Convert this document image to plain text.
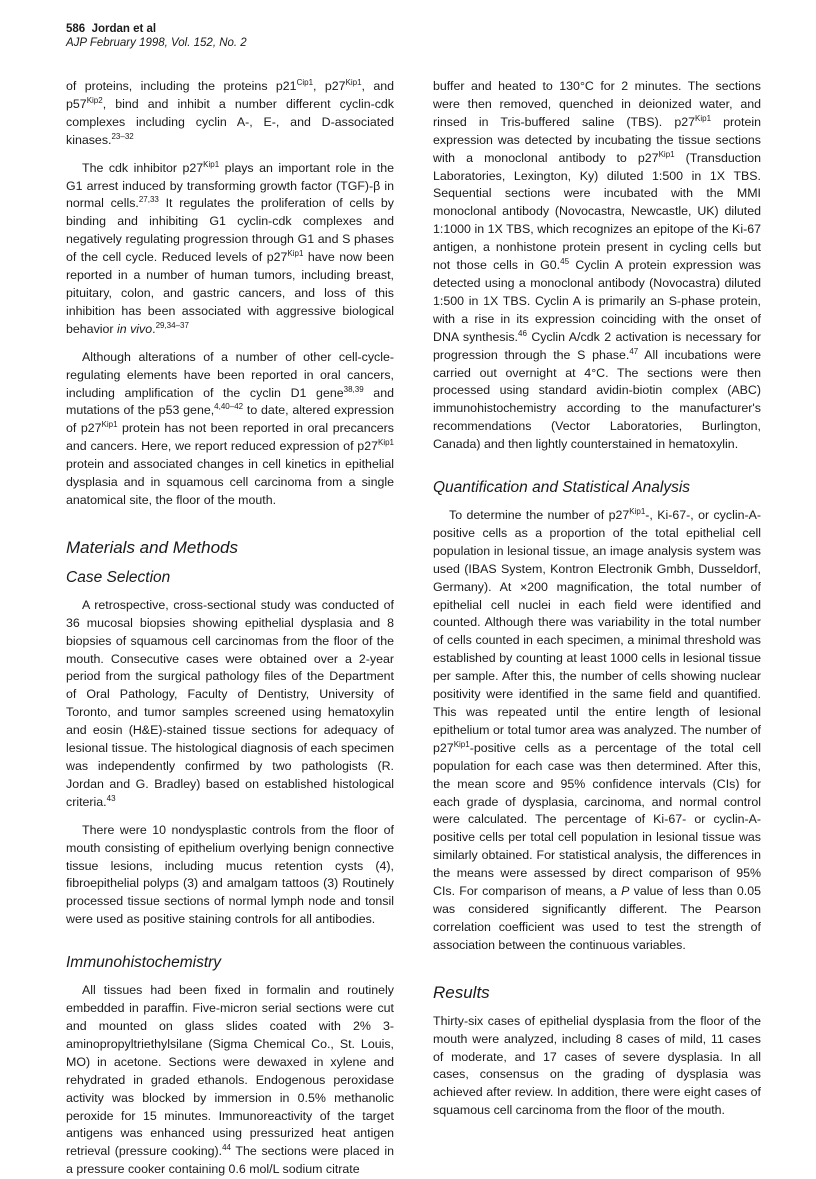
586 Jordan et al
AJP February 1998, Vol. 152, No. 2

of proteins, including the proteins $p21^{Cip1}$, $p27^{Kip1}$, and $p57^{Kip2}$, bind and inhibit a number different cyclin-cdk complexes including cyclin A-, E-, and D-associated kinases.$^{23-32}$

The cdk inhibitor $p27^{Kip1}$ plays an important role in the G1 arrest induced by transforming growth factor (TGF)-β in normal cells.$^{27,33}$ It regulates the proliferation of cells by binding and inhibiting G1 cyclin-cdk complexes and negatively regulating progression through G1 and S phases of the cell cycle. Reduced levels of $p27^{Kip1}$ have now been reported in a number of human tumors, including breast, pituitary, colon, and gastric cancers, and loss of this inhibition has been associated with aggressive biological behavior in vivo.$^{29,34-37}$

Although alterations of a number of other cell-cycle-regulating elements have been reported in oral cancers, including amplification of the cyclin D1 gene$^{38,39}$ and mutations of the p53 gene,$^{4,40-42}$ to date, altered expression of $p27^{Kip1}$ protein has not been reported in oral precancers and cancers. Here, we report reduced expression of $p27^{Kip1}$ protein and associated changes in cell kinetics in epithelial dysplasia and in squamous cell carcinoma from a single anatomical site, the floor of the mouth.

Materials and Methods
Case Selection

A retrospective, cross-sectional study was conducted of 36 mucosal biopsies showing epithelial dysplasia and 8 biopsies of squamous cell carcinomas from the floor of the mouth. Consecutive cases were obtained over a 2-year period from the surgical pathology files of the Department of Oral Pathology, Faculty of Dentistry, University of Toronto, and tumor samples screened using hematoxylin and eosin (H&E)-stained tissue sections for adequacy of lesional tissue. The histological diagnosis of each specimen was independently confirmed by two pathologists (R. Jordan and G. Bradley) based on established histological criteria.$^{43}$

There were 10 nondysplastic controls from the floor of mouth consisting of epithelium overlying benign connective tissue lesions, including mucus retention cysts (4), fibroepithelial polyps (3) and amalgam tattoos (3) Routinely processed tissue sections of normal lymph node and tonsil were used as positive staining controls for all antibodies.

Immunohistochemistry

All tissues had been fixed in formalin and routinely embedded in paraffin. Five-micron serial sections were cut and mounted on glass slides coated with 2% 3-aminopropyltriethylsilane (Sigma Chemical Co., St. Louis, MO) in acetone. Sections were dewaxed in xylene and rehydrated in graded ethanols. Endogenous peroxidase activity was blocked by immersion in 0.5% methanolic peroxide for 15 minutes. Immunoreactivity of the target antigens was enhanced using pressurized heat antigen retrieval (pressure cooking).$^{44}$ The sections were placed in a pressure cooker containing 0.6 mol/L sodium citrate

buffer and heated to 130°C for 2 minutes. The sections were then removed, quenched in deionized water, and rinsed in Tris-buffered saline (TBS). $p27^{Kip1}$ protein expression was detected by incubating the tissue sections with a monoclonal antibody to $p27^{Kip1}$ (Transduction Laboratories, Lexington, Ky) diluted 1:500 in 1X TBS. Sequential sections were incubated with the MMI monoclonal antibody (Novocastra, Newcastle, UK) diluted 1:1000 in 1X TBS, which recognizes an epitope of the Ki-67 antigen, a nonhistone protein present in cycling cells but not those cells in G0.45 Cyclin A protein expression was detected using a monoclonal antibody (Novocastra) diluted 1:500 in 1X TBS. Cyclin A is primarily an S-phase protein, with a rise in its expression coinciding with the onset of DNA synthesis.$^{46}$ Cyclin A/cdk 2 activation is necessary for progression through the S phase.$^{47}$ All incubations were carried out overnight at 4°C. The sections were then processed using standard avidin-biotin complex (ABC) immunohistochemistry according to the manufacturer's recommendations (Vector Laboratories, Burlington, Canada) and then lightly counterstained in hematoxylin.

Quantification and Statistical Analysis

To determine the number of $p27^{Kip1}-$, Ki-67-, or cyclin-A-positive cells as a proportion of the total epithelial cell population in lesional tissue, an image analysis system was used (IBAS System, Kontron Electronik Gmbh, Dusseldorf, Germany). At ×200 magnification, the total number of epithelial cell nuclei in each field were identified and counted. Although there was variability in the total number of cells counted in each specimen, a minimal threshold was established by counting at least 1000 cells in lesional tissue per sample. After this, the number of cells showing nuclear positivity were identified in the same field and quantified. This was repeated until the entire length of lesional epithelium or total tumor area was analyzed. The number of $p27^{Kip1}$-positive cells as a percentage of the total cell population for each case was then determined. After this, the mean score and 95% confidence intervals (CIs) for each grade of dysplasia, carcinoma, and normal control were calculated. The percentage of Ki-67- or cyclin-A-positive cells per total cell population in lesional tissue was similarly obtained. For statistical analysis, the differences in the means were assessed by direct comparison of 95% CIs. For comparison of means, a P value of less than 0.05 was considered significantly different. The Pearson correlation coefficient was used to test the strength of association between the continuous variables.

Results

Thirty-six cases of epithelial dysplasia from the floor of the mouth were analyzed, including 8 cases of mild, 11 cases of moderate, and 17 cases of severe dysplasia. In all cases, consensus on the grading of dysplasia was achieved after review. In addition, there were eight cases of squamous cell carcinoma from the floor of the mouth.
